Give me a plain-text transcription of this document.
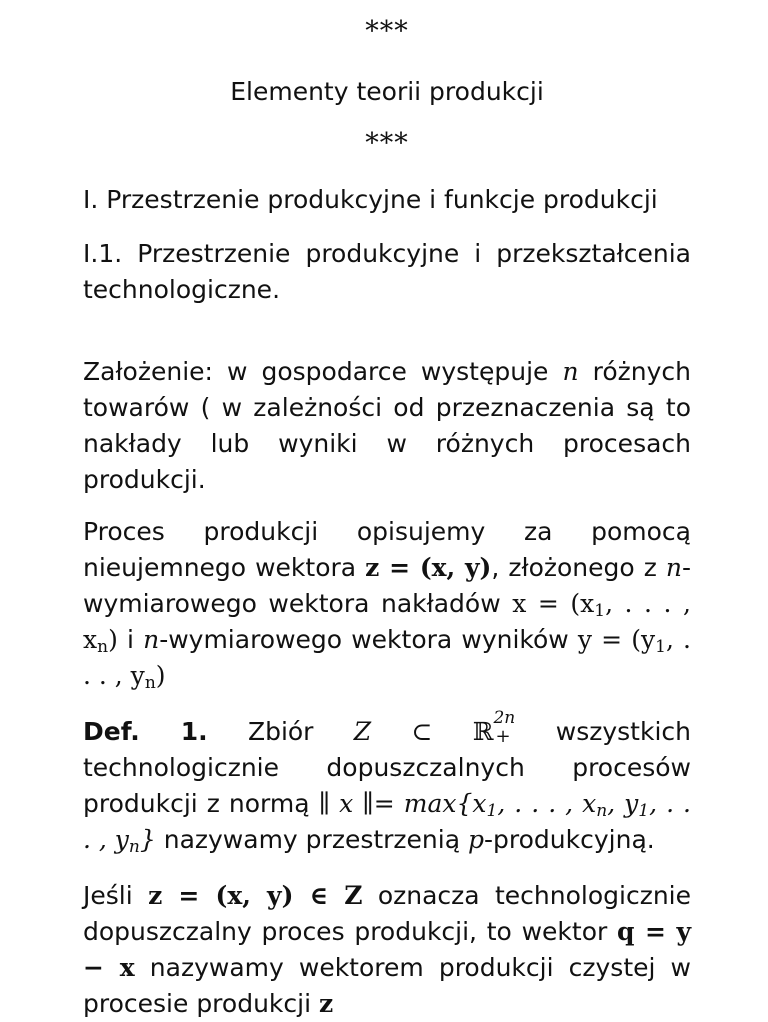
***
Elementy teorii produkcji
***
I. Przestrzenie produkcyjne i funkcje produkcji

I.1. Przestrzenie produkcyjne i przekształcenia technologiczne.

Założenie: w gospodarce występuje n różnych towarów ( w zależności od przeznaczenia są to nakłady lub wyniki w różnych procesach produkcji.

Proces produkcji opisujemy za pomocą nieujemnego wektora z = (x, y), złożonego z n-wymiarowego wektora nakładów $x = (x_1$, . . . , $x_n$) i n-wymiarowego wektora wyników $y = (y_1$, . . . , $y_n$)

Def. 1. Zbiór Z ⊂ ℝ 2n
+ wszystkich technologicznie dopuszczalnych procesów produkcji z normą ∥ x ∥= $\max\{x_1$, . . . , $x_n$, $y_1$, . . . , $y_n$} nazywamy przestrzenią p-produkcyjną.

Jeśli z = (x, y) ∈ Z oznacza technologicznie dopuszczalny proces produkcji, to wektor q = y − x nazywamy wektorem produkcji czystej w procesie produkcji z
